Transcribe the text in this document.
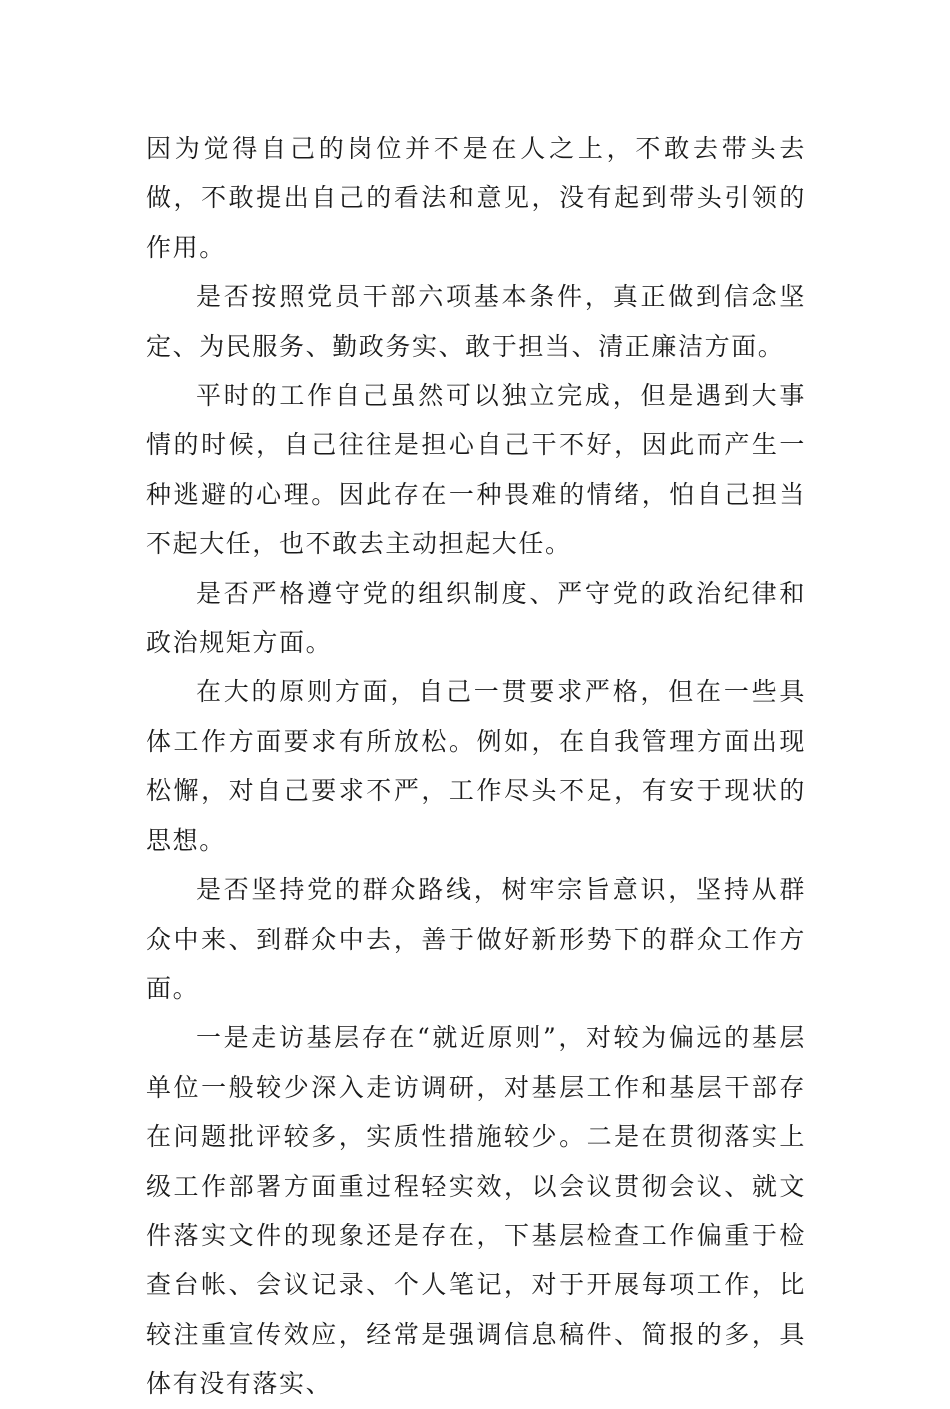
因为觉得自己的岗位并不是在人之上，不敢去带头去做，不敢提出自己的看法和意见，没有起到带头引领的作用。

是否按照党员干部六项基本条件，真正做到信念坚定、为民服务、勤政务实、敢于担当、清正廉洁方面。

平时的工作自己虽然可以独立完成，但是遇到大事情的时候，自己往往是担心自己干不好，因此而产生一种逃避的心理。因此存在一种畏难的情绪，怕自己担当不起大任，也不敢去主动担起大任。

是否严格遵守党的组织制度、严守党的政治纪律和政治规矩方面。

在大的原则方面，自己一贯要求严格，但在一些具体工作方面要求有所放松。例如，在自我管理方面出现松懈，对自己要求不严，工作尽头不足，有安于现状的思想。

是否坚持党的群众路线，树牢宗旨意识，坚持从群众中来、到群众中去，善于做好新形势下的群众工作方面。

一是走访基层存在“就近原则”，对较为偏远的基层单位一般较少深入走访调研，对基层工作和基层干部存在问题批评较多，实质性措施较少。二是在贯彻落实上级工作部署方面重过程轻实效，以会议贯彻会议、就文件落实文件的现象还是存在，下基层检查工作偏重于检查台帐、会议记录、个人笔记，对于开展每项工作，比较注重宣传效应，经常是强调信息稿件、简报的多，具体有没有落实、
